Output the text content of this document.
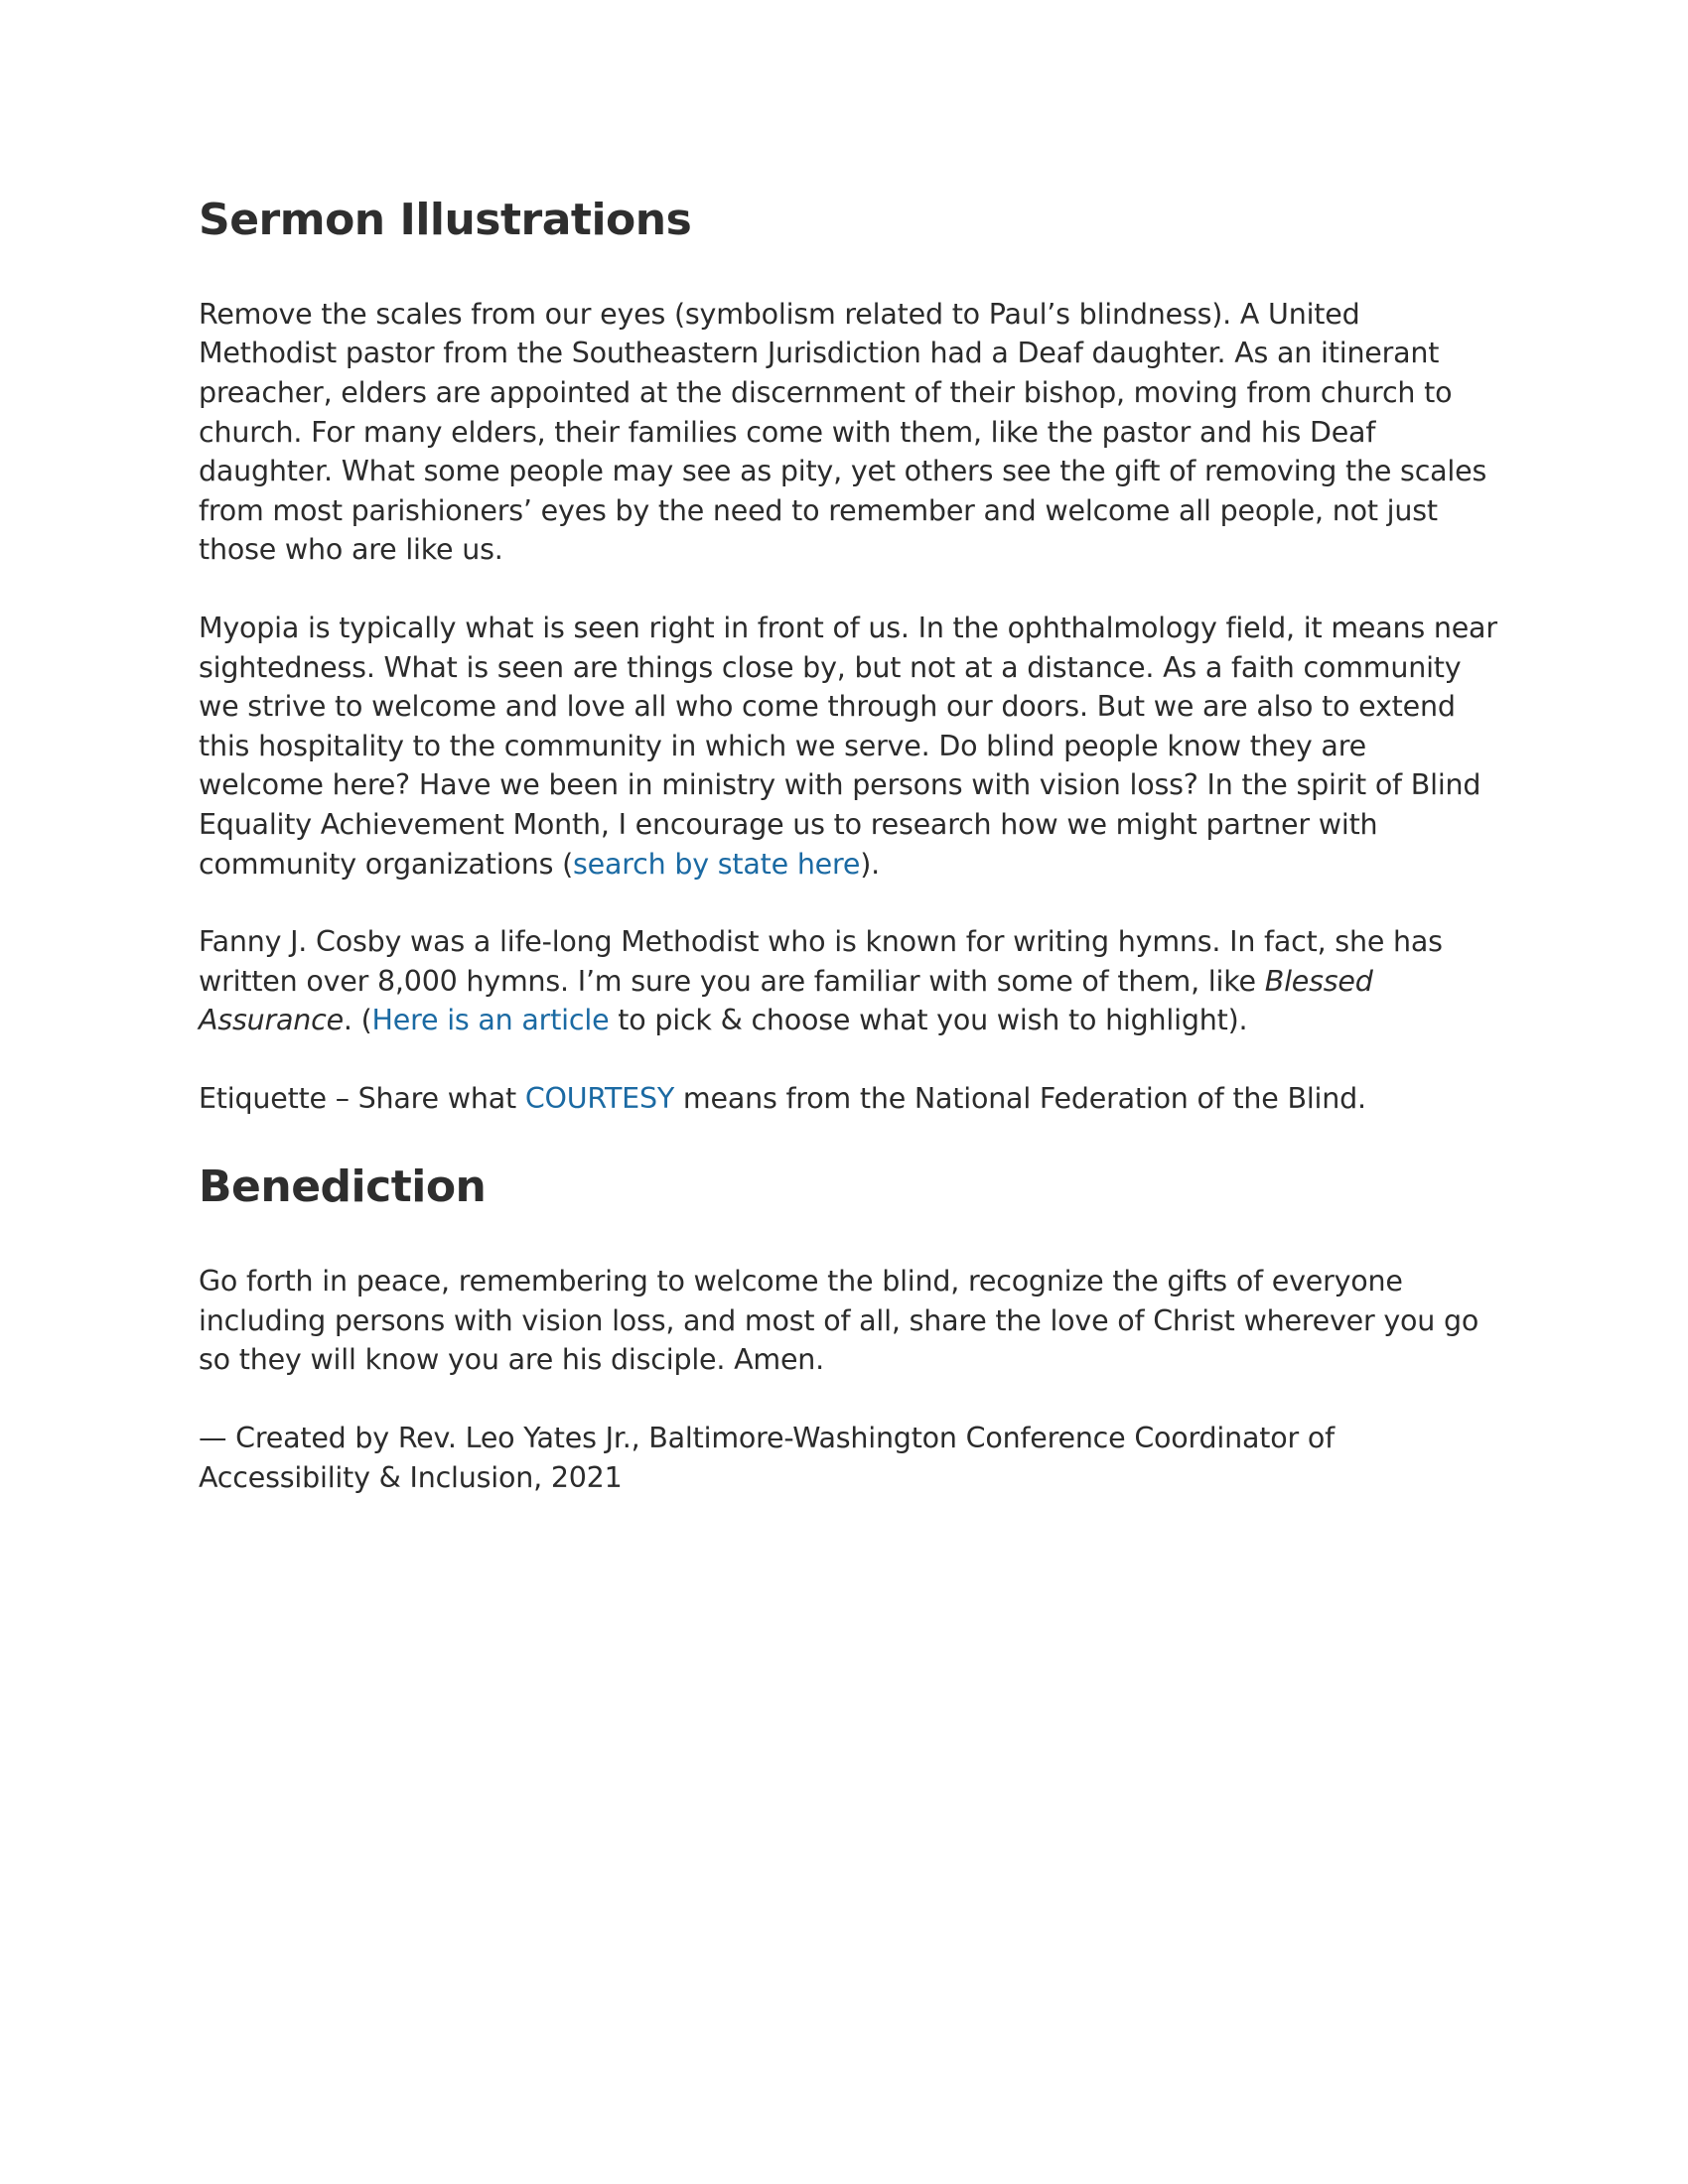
Sermon Illustrations

Remove the scales from our eyes (symbolism related to Paul’s blindness). A United Methodist pastor from the Southeastern Jurisdiction had a Deaf daughter. As an itinerant preacher, elders are appointed at the discernment of their bishop, moving from church to church. For many elders, their families come with them, like the pastor and his Deaf daughter. What some people may see as pity, yet others see the gift of removing the scales from most parishioners’ eyes by the need to remember and welcome all people, not just those who are like us.

Myopia is typically what is seen right in front of us. In the ophthalmology field, it means near sightedness. What is seen are things close by, but not at a distance. As a faith community we strive to welcome and love all who come through our doors. But we are also to extend this hospitality to the community in which we serve. Do blind people know they are welcome here? Have we been in ministry with persons with vision loss? In the spirit of Blind Equality Achievement Month, I encourage us to research how we might partner with community organizations (search by state here).

Fanny J. Cosby was a life-long Methodist who is known for writing hymns. In fact, she has written over 8,000 hymns. I’m sure you are familiar with some of them, like Blessed Assurance. (Here is an article to pick & choose what you wish to highlight).

Etiquette – Share what COURTESY means from the National Federation of the Blind.

Benediction

Go forth in peace, remembering to welcome the blind, recognize the gifts of everyone including persons with vision loss, and most of all, share the love of Christ wherever you go so they will know you are his disciple. Amen.

— Created by Rev. Leo Yates Jr., Baltimore-Washington Conference Coordinator of Accessibility & Inclusion, 2021
